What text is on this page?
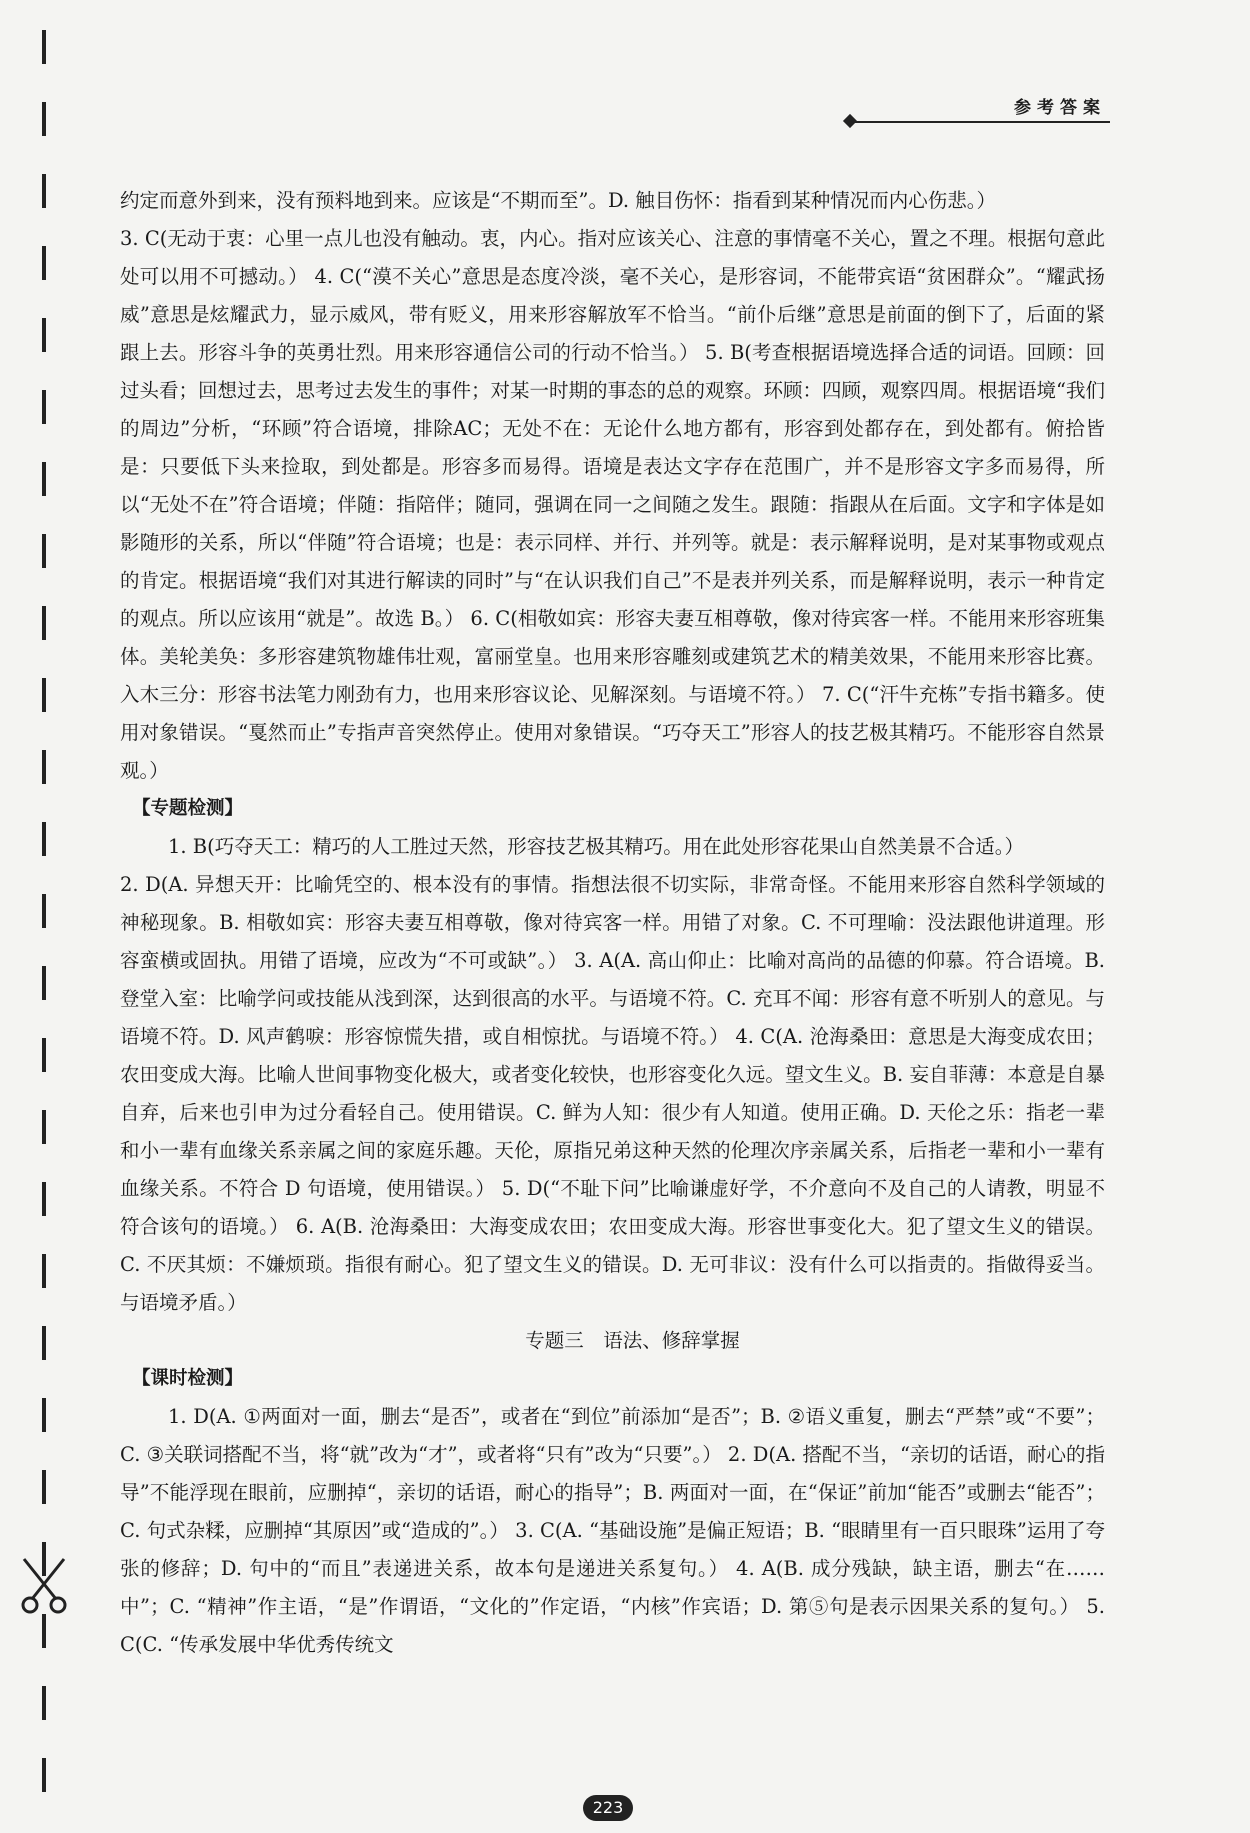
参考答案

约定而意外到来，没有预料地到来。应该是“不期而至”。D. 触目伤怀：指看到某种情况而内心伤悲。）

3. C(无动于衷：心里一点儿也没有触动。衷，内心。指对应该关心、注意的事情毫不关心，置之不理。根据句意此处可以用不可撼动。） 4. C(“漠不关心”意思是态度冷淡，毫不关心，是形容词，不能带宾语“贫困群众”。“耀武扬威”意思是炫耀武力，显示威风，带有贬义，用来形容解放军不恰当。“前仆后继”意思是前面的倒下了，后面的紧跟上去。形容斗争的英勇壮烈。用来形容通信公司的行动不恰当。） 5. B(考查根据语境选择合适的词语。回顾：回过头看；回想过去，思考过去发生的事件；对某一时期的事态的总的观察。环顾：四顾，观察四周。根据语境“我们的周边”分析，“环顾”符合语境，排除AC；无处不在：无论什么地方都有，形容到处都存在，到处都有。俯拾皆是：只要低下头来捡取，到处都是。形容多而易得。语境是表达文字存在范围广，并不是形容文字多而易得，所以“无处不在”符合语境；伴随：指陪伴；随同，强调在同一之间随之发生。跟随：指跟从在后面。文字和字体是如影随形的关系，所以“伴随”符合语境；也是：表示同样、并行、并列等。就是：表示解释说明，是对某事物或观点的肯定。根据语境“我们对其进行解读的同时”与“在认识我们自己”不是表并列关系，而是解释说明，表示一种肯定的观点。所以应该用“就是”。故选 B。） 6. C(相敬如宾：形容夫妻互相尊敬，像对待宾客一样。不能用来形容班集体。美轮美奂：多形容建筑物雄伟壮观，富丽堂皇。也用来形容雕刻或建筑艺术的精美效果，不能用来形容比赛。入木三分：形容书法笔力刚劲有力，也用来形容议论、见解深刻。与语境不符。） 7. C(“汗牛充栋”专指书籍多。使用对象错误。“戛然而止”专指声音突然停止。使用对象错误。“巧夺天工”形容人的技艺极其精巧。不能形容自然景观。）

【专题检测】

1. B(巧夺天工：精巧的人工胜过天然，形容技艺极其精巧。用在此处形容花果山自然美景不合适。）

2. D(A. 异想天开：比喻凭空的、根本没有的事情。指想法很不切实际，非常奇怪。不能用来形容自然科学领域的神秘现象。B. 相敬如宾：形容夫妻互相尊敬，像对待宾客一样。用错了对象。C. 不可理喻：没法跟他讲道理。形容蛮横或固执。用错了语境，应改为“不可或缺”。） 3. A(A. 高山仰止：比喻对高尚的品德的仰慕。符合语境。B. 登堂入室：比喻学问或技能从浅到深，达到很高的水平。与语境不符。C. 充耳不闻：形容有意不听别人的意见。与语境不符。D. 风声鹤唳：形容惊慌失措，或自相惊扰。与语境不符。） 4. C(A. 沧海桑田：意思是大海变成农田；农田变成大海。比喻人世间事物变化极大，或者变化较快，也形容变化久远。望文生义。B. 妄自菲薄：本意是自暴自弃，后来也引申为过分看轻自己。使用错误。C. 鲜为人知：很少有人知道。使用正确。D. 天伦之乐：指老一辈和小一辈有血缘关系亲属之间的家庭乐趣。天伦，原指兄弟这种天然的伦理次序亲属关系，后指老一辈和小一辈有血缘关系。不符合 D 句语境，使用错误。） 5. D(“不耻下问”比喻谦虚好学，不介意向不及自己的人请教，明显不符合该句的语境。） 6. A(B. 沧海桑田：大海变成农田；农田变成大海。形容世事变化大。犯了望文生义的错误。C. 不厌其烦：不嫌烦琐。指很有耐心。犯了望文生义的错误。D. 无可非议：没有什么可以指责的。指做得妥当。与语境矛盾。）

专题三　语法、修辞掌握

【课时检测】

1. D(A. ①两面对一面，删去“是否”，或者在“到位”前添加“是否”；B. ②语义重复，删去“严禁”或“不要”；C. ③关联词搭配不当，将“就”改为“才”，或者将“只有”改为“只要”。） 2. D(A. 搭配不当，“亲切的话语，耐心的指导”不能浮现在眼前，应删掉“，亲切的话语，耐心的指导”；B. 两面对一面，在“保证”前加“能否”或删去“能否”；C. 句式杂糅，应删掉“其原因”或“造成的”。） 3. C(A. “基础设施”是偏正短语；B. “眼睛里有一百只眼珠”运用了夸张的修辞；D. 句中的“而且”表递进关系，故本句是递进关系复句。） 4. A(B. 成分残缺，缺主语，删去“在……中”；C. “精神”作主语，“是”作谓语，“文化的”作定语，“内核”作宾语；D. 第⑤句是表示因果关系的复句。） 5. C(C. “传承发展中华优秀传统文

223
